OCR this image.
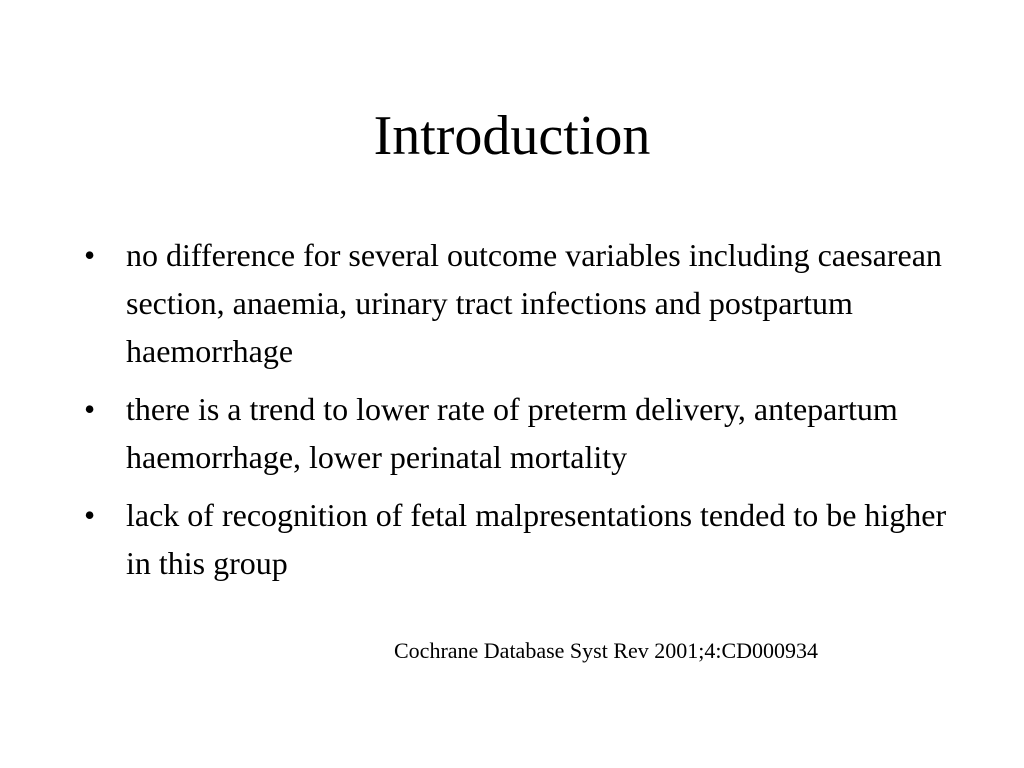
Introduction
• no difference for several outcome variables including caesarean section, anaemia, urinary tract infections and postpartum haemorrhage
• there is a trend to lower rate of preterm delivery, antepartum haemorrhage, lower perinatal mortality
• lack of recognition of fetal malpresentations tended to be higher in this group
Cochrane Database Syst Rev 2001;4:CD000934
